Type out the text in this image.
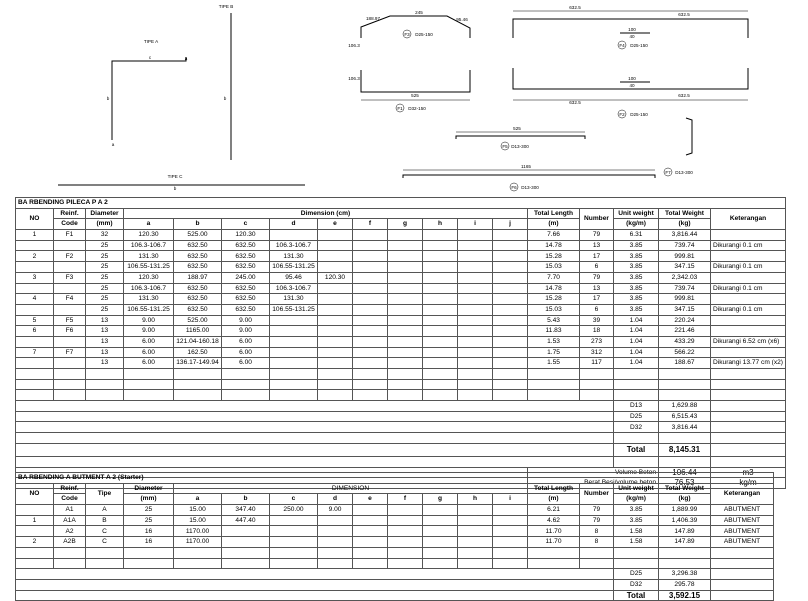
TIPE B
TIPE A
TIPE C
c
b
a
a
b
b
188.97
245
95.46
106.3
106.3
525
F3 D25-150
F1 D32-150
632.5
632.5
100
40
F4 D25-150
100
40
632.5
632.5
F2 D25-150
525
F5 D13-300
1165
F6 D13-300
F7 D13-300
BA RBENDING PILECA P A 2																	
NO	Reinf.	Diameter	Dimension (cm)										Total Length	Number	Unit weight	Total Weight	Keterangan
	Code	(mm)	a	b	c	d	e	f	g	h	i	j	(m)		(kg/m)	(kg)	
1	F1	32	120.30	525.00	120.30								7.66	79	6.31	3,816.44	
		25	106.3-106.7	632.50	632.50	106.3-106.7							14.78	13	3.85	739.74	Dikurangi 0.1 cm
2	F2	25	131.30	632.50	632.50	131.30							15.28	17	3.85	999.81	
		25	106.55-131.25	632.50	632.50	106.55-131.25							15.03	6	3.85	347.15	Dikurangi 0.1 cm
3	F3	25	120.30	188.97	245.00	95.46	120.30						7.70	79	3.85	2,342.03	
		25	106.3-106.7	632.50	632.50	106.3-106.7							14.78	13	3.85	739.74	Dikurangi 0.1 cm
4	F4	25	131.30	632.50	632.50	131.30							15.28	17	3.85	999.81	
		25	106.55-131.25	632.50	632.50	106.55-131.25							15.03	6	3.85	347.15	Dikurangi 0.1 cm
5	F5	13	9.00	525.00	9.00								5.43	39	1.04	220.24	
6	F6	13	9.00	1165.00	9.00								11.83	18	1.04	221.46	
		13	6.00	121.04-160.18	6.00								1.53	273	1.04	433.29	Dikurangi 6.52 cm (x6)
7	F7	13	6.00	162.50	6.00								1.75	312	1.04	566.22	
		13	6.00	136.17-149.94	6.00								1.55	117	1.04	188.67	Dikurangi 13.77 cm (x2)

															D13	1,629.88	
															D25	6,515.43	
															D32	3,816.44	

															Total	8,145.31	

													Volume Beton			106.44	m3
													Berat Besi/volume beton			76.53	kg/m
BA RBENDING A BUTMENT A 2 (Starter)																	
NO	Reinf.	Tipe	Diameter	DIMENSION									Total Length	Number	Unit weight	Total Weight	Keterangan
	Code		(mm)	a	b	c	d	e	f	g	h	i	(m)		(kg/m)	(kg)	
	A1	A	25	15.00	347.40	250.00	9.00						6.21	79	3.85	1,889.99	ABUTMENT
1	A1A	B	25	15.00	447.40								4.62	79	3.85	1,406.39	ABUTMENT
	A2	C	16	1170.00									11.70	8	1.58	147.89	ABUTMENT
2	A2B	C	16	1170.00									11.70	8	1.58	147.89	ABUTMENT

															D25	3,296.38	
															D32	295.78	
															Total	3,592.15	
